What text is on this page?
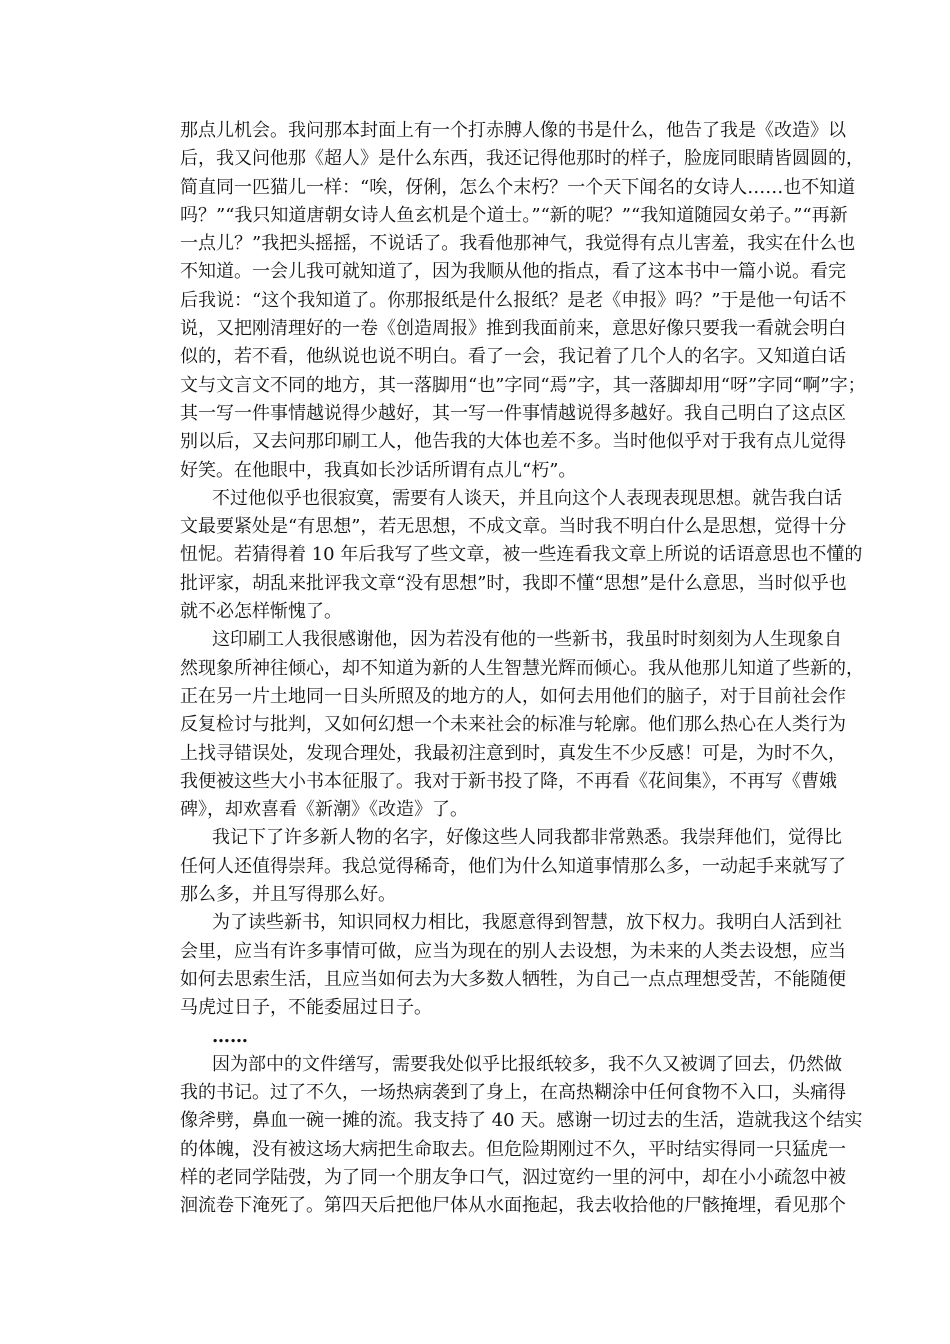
那点儿机会。我问那本封面上有一个打赤膊人像的书是什么，他告了我是《改造》以
后，我又问他那《超人》是什么东西，我还记得他那时的样子，脸庞同眼睛皆圆圆的，
简直同一匹猫儿一样：“唉，伢俐，怎么个末朽？一个天下闻名的女诗人……也不知道
吗？”“我只知道唐朝女诗人鱼玄机是个道士。”“新的呢？”“我知道随园女弟子。”“再新
一点儿？”我把头摇摇，不说话了。我看他那神气，我觉得有点儿害羞，我实在什么也
不知道。一会儿我可就知道了，因为我顺从他的指点，看了这本书中一篇小说。看完
后我说：“这个我知道了。你那报纸是什么报纸？是老《申报》吗？”于是他一句话不
说，又把刚清理好的一卷《创造周报》推到我面前来，意思好像只要我一看就会明白
似的，若不看，他纵说也说不明白。看了一会，我记着了几个人的名字。又知道白话
文与文言文不同的地方，其一落脚用“也”字同“焉”字，其一落脚却用“呀”字同“啊”字；
其一写一件事情越说得少越好，其一写一件事情越说得多越好。我自己明白了这点区
别以后，又去问那印刷工人，他告我的大体也差不多。当时他似乎对于我有点儿觉得
好笑。在他眼中，我真如长沙话所谓有点儿“朽”。

不过他似乎也很寂寞，需要有人谈天，并且向这个人表现表现思想。就告我白话
文最要紧处是“有思想”，若无思想，不成文章。当时我不明白什么是思想，觉得十分
忸怩。若猜得着 10 年后我写了些文章，被一些连看我文章上所说的话语意思也不懂的
批评家，胡乱来批评我文章“没有思想”时，我即不懂“思想”是什么意思，当时似乎也
就不必怎样惭愧了。

这印刷工人我很感谢他，因为若没有他的一些新书，我虽时时刻刻为人生现象自
然现象所神往倾心，却不知道为新的人生智慧光辉而倾心。我从他那儿知道了些新的，
正在另一片土地同一日头所照及的地方的人，如何去用他们的脑子，对于目前社会作
反复检讨与批判，又如何幻想一个未来社会的标准与轮廓。他们那么热心在人类行为
上找寻错误处，发现合理处，我最初注意到时，真发生不少反感！可是，为时不久，
我便被这些大小书本征服了。我对于新书投了降，不再看《花间集》，不再写《曹娥
碑》，却欢喜看《新潮》《改造》了。

我记下了许多新人物的名字，好像这些人同我都非常熟悉。我崇拜他们，觉得比
任何人还值得崇拜。我总觉得稀奇，他们为什么知道事情那么多，一动起手来就写了
那么多，并且写得那么好。

为了读些新书，知识同权力相比，我愿意得到智慧，放下权力。我明白人活到社
会里，应当有许多事情可做，应当为现在的别人去设想，为未来的人类去设想，应当
如何去思索生活，且应当如何去为大多数人牺牲，为自己一点点理想受苦，不能随便
马虎过日子，不能委屈过日子。

……

因为部中的文件缮写，需要我处似乎比报纸较多，我不久又被调了回去，仍然做
我的书记。过了不久，一场热病袭到了身上，在高热糊涂中任何食物不入口，头痛得
像斧劈，鼻血一碗一摊的流。我支持了 40 天。感谢一切过去的生活，造就我这个结实
的体魄，没有被这场大病把生命取去。但危险期刚过不久，平时结实得同一只猛虎一
样的老同学陆弢，为了同一个朋友争口气，泅过宽约一里的河中，却在小小疏忽中被
洄流卷下淹死了。第四天后把他尸体从水面拖起，我去收拾他的尸骸掩埋，看见那个
